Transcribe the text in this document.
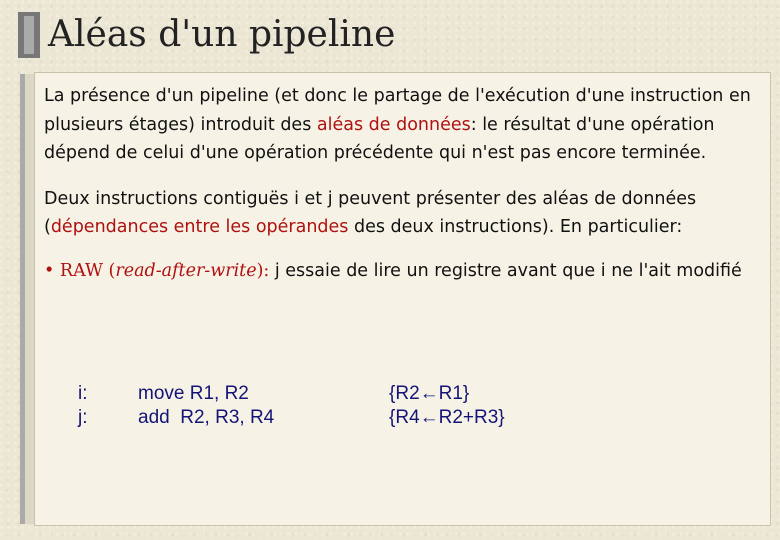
Aléas d'un pipeline

La présence d'un pipeline (et donc le partage de l'exécution d'une instruction en plusieurs étages) introduit des aléas de données: le résultat d'une opération dépend de celui d'une opération précédente qui n'est pas encore terminée.

Deux instructions contiguës i et j peuvent présenter des aléas de données (dépendances entre les opérandes des deux instructions). En particulier:

• RAW (read-after-write): j essaie de lire un registre avant que i ne l'ait modifié

i:	move R1, R2	{R2←R1}
j:	add  R2, R3, R4	{R4←R2+R3}
